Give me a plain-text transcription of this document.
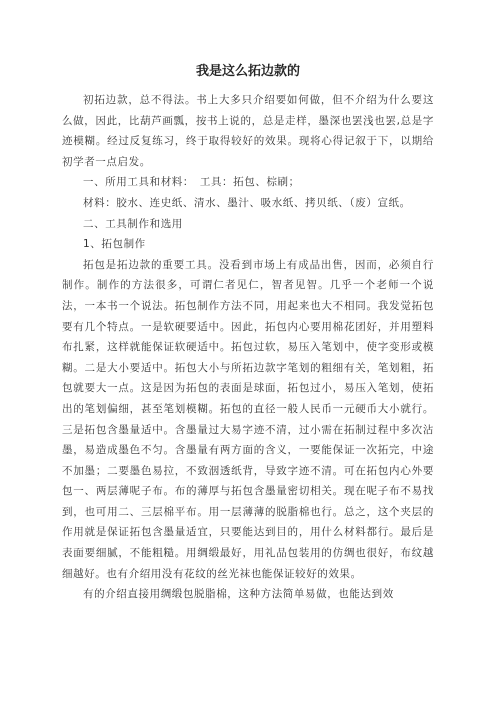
我是这么拓边款的

初拓边款，总不得法。书上大多只介绍要如何做，但不介绍为什么要这么做，因此，比葫芦画瓢，按书上说的，总是走样，墨深也罢浅也罢,总是字迹模糊。经过反复练习，终于取得较好的效果。现将心得记叙于下，以期给初学者一点启发。

一、所用工具和材料：　工具：拓包、棕刷；

材料：胶水、连史纸、清水、墨汁、吸水纸、拷贝纸、（废）宣纸。

二、工具制作和选用

1、拓包制作

拓包是拓边款的重要工具。没看到市场上有成品出售，因而，必须自行制作。制作的方法很多，可谓仁者见仁，智者见智。几乎一个老师一个说法，一本书一个说法。拓包制作方法不同，用起来也大不相同。我发觉拓包要有几个特点。一是软硬要适中。因此，拓包内心要用棉花团好，并用塑料布扎紧，这样就能保证软硬适中。拓包过软，易压入笔划中，使字变形或模糊。二是大小要适中。拓包大小与所拓边款字笔划的粗细有关，笔划粗，拓包就要大一点。这是因为拓包的表面是球面，拓包过小，易压入笔划，使拓出的笔划偏细，甚至笔划模糊。拓包的直径一般人民币一元硬币大小就行。三是拓包含墨量适中。含墨量过大易字迹不清，过小需在拓制过程中多次沾墨，易造成墨色不匀。含墨量有两方面的含义，一要能保证一次拓完，中途不加墨；二要墨色易拉，不致洇透纸背，导致字迹不清。可在拓包内心外要包一、两层薄呢子布。布的薄厚与拓包含墨量密切相关。现在呢子布不易找到，也可用二、三层棉平布。用一层薄薄的脱脂棉也行。总之，这个夹层的作用就是保证拓包含墨量适宜，只要能达到目的，用什么材料都行。最后是表面要细腻，不能粗糙。用绸缎最好，用礼品包装用的仿绸也很好，布纹越细越好。也有介绍用没有花纹的丝光袜也能保证较好的效果。

有的介绍直接用绸缎包脱脂棉，这种方法简单易做，也能达到效
